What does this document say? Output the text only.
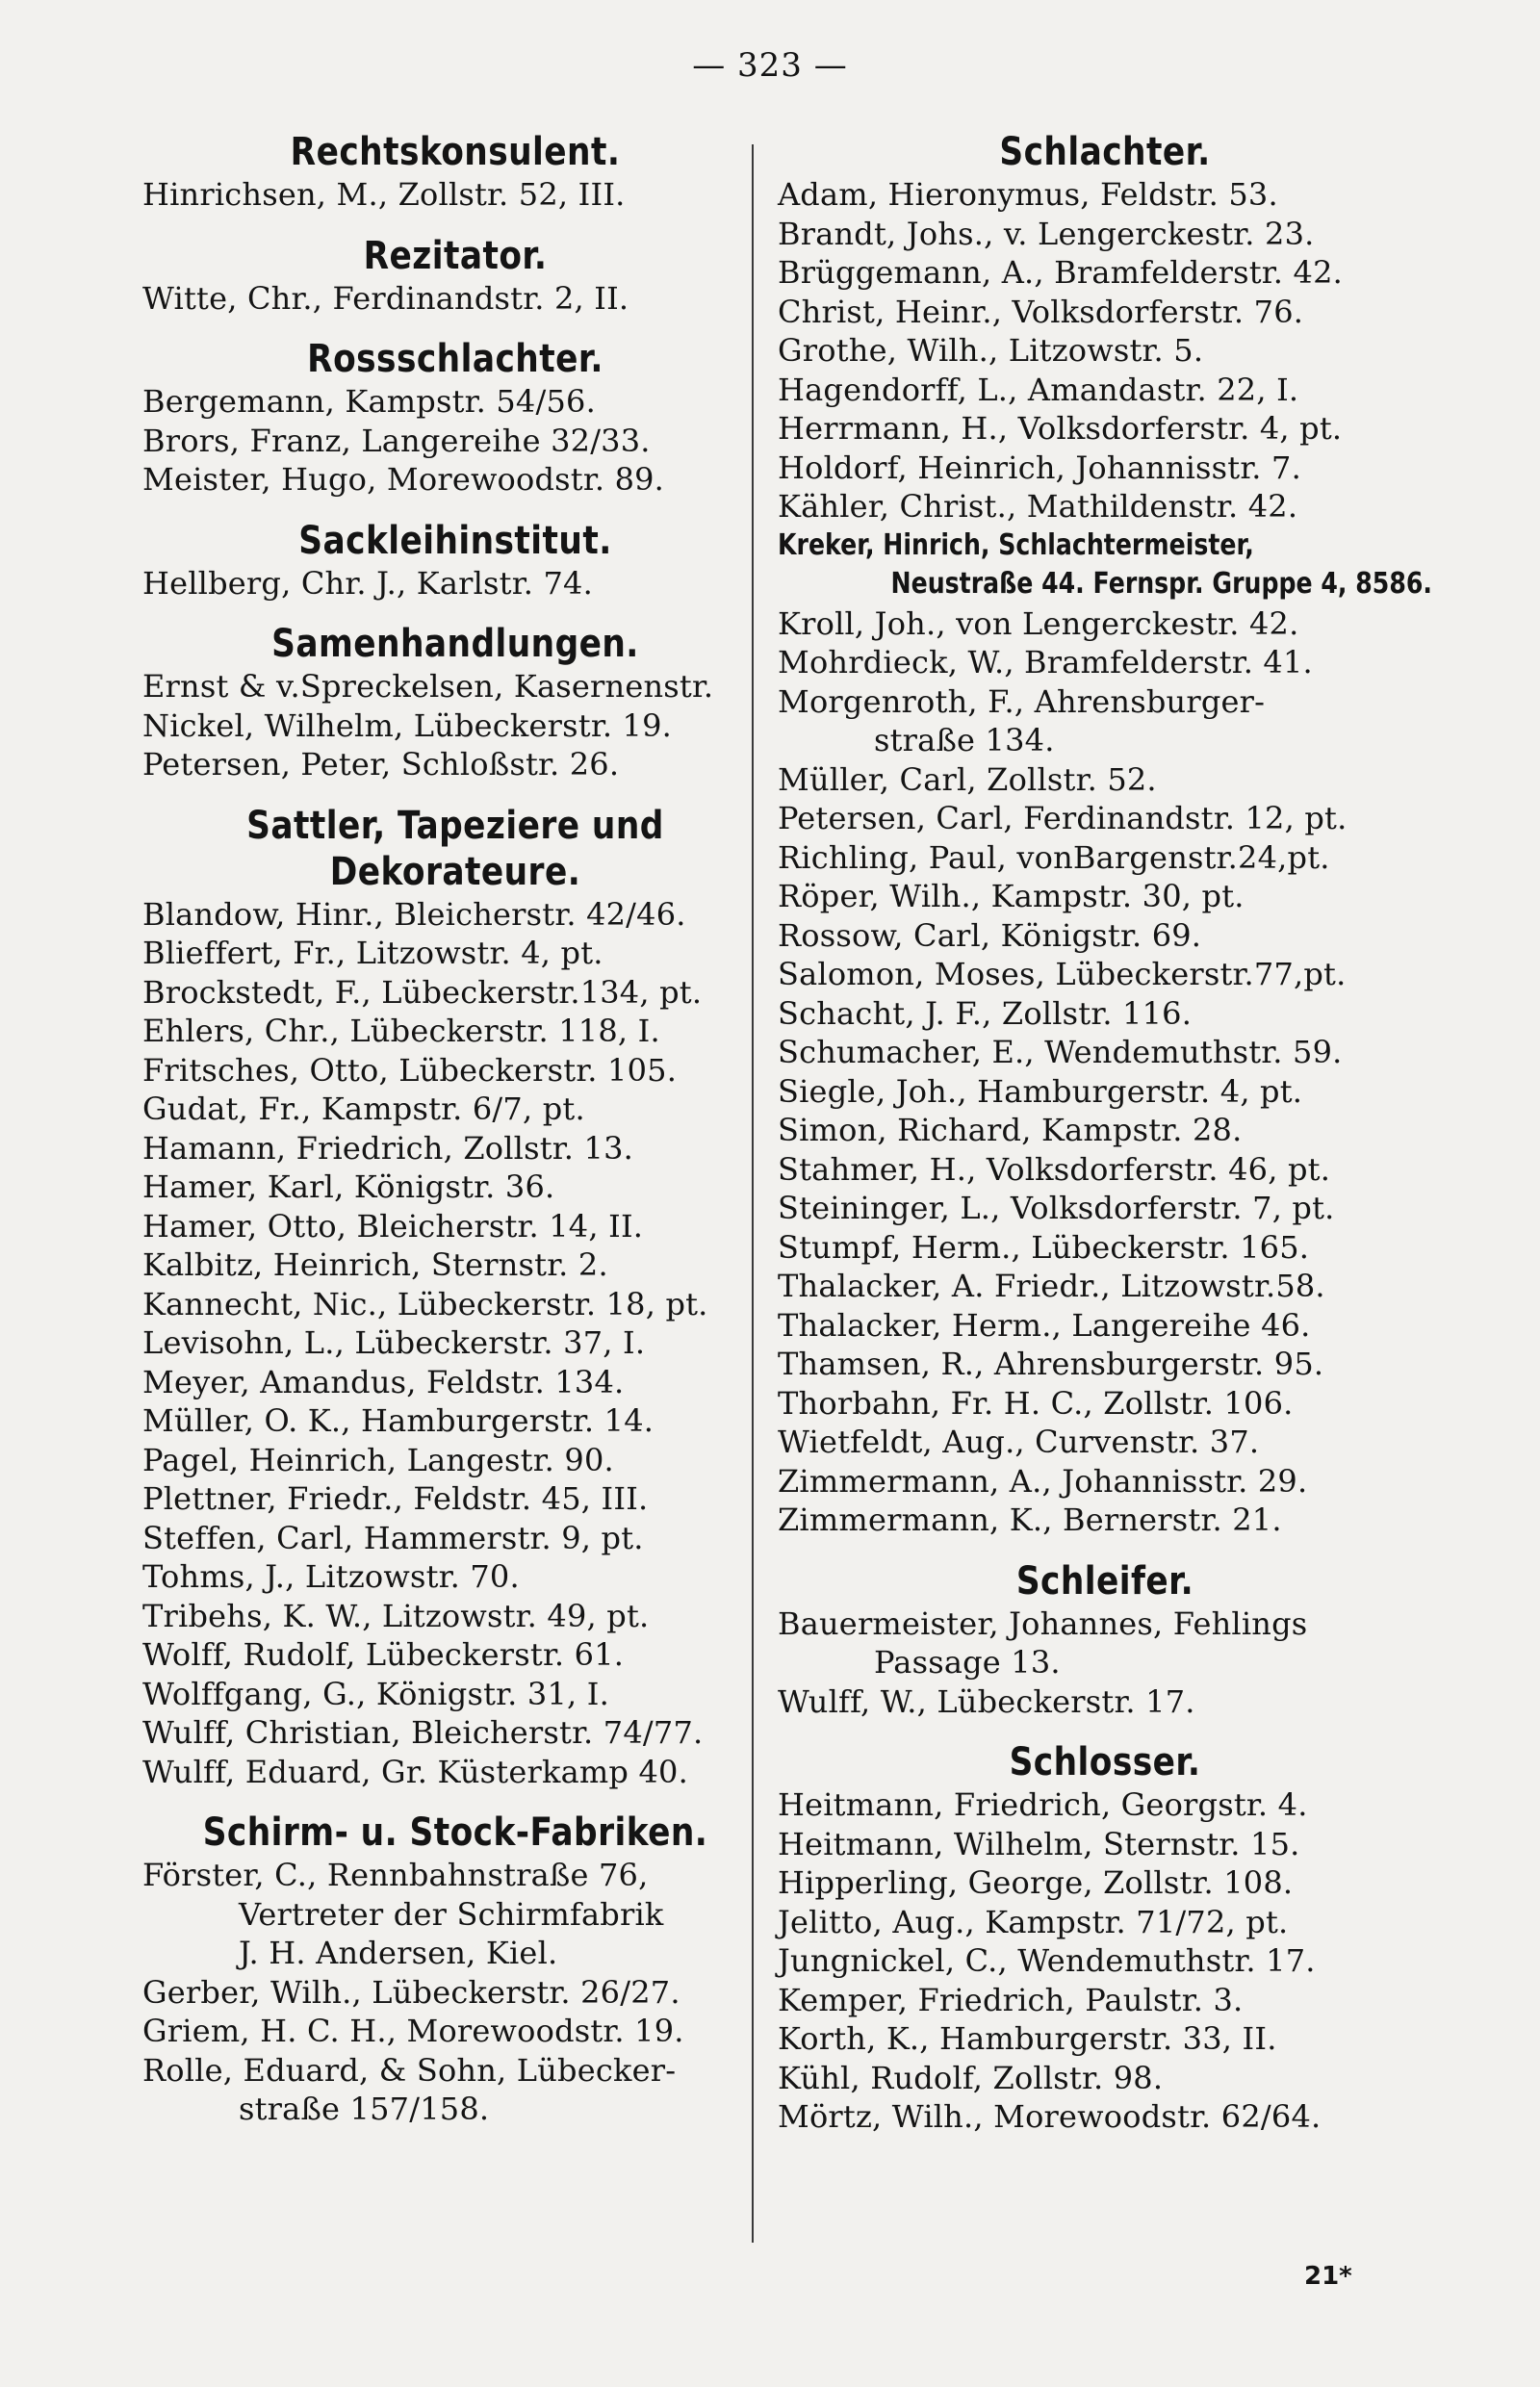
— 323 —
Rechtskonsulent.
Hinrichsen, M., Zollstr. 52, III.
Rezitator.
Witte, Chr., Ferdinandstr. 2, II.
Rossschlachter.
Bergemann, Kampstr. 54/56.
Brors, Franz, Langereihe 32/33.
Meister, Hugo, Morewoodstr. 89.
Sackleihinstitut.
Hellberg, Chr. J., Karlstr. 74.
Samenhandlungen.
Ernst & v.Spreckelsen, Kasernenstr.
Nickel, Wilhelm, Lübeckerstr. 19.
Petersen, Peter, Schloßstr. 26.
Sattler, Tapeziere und
Dekorateure.
Blandow, Hinr., Bleicherstr. 42/46.
Blieffert, Fr., Litzowstr. 4, pt.
Brockstedt, F., Lübeckerstr.134, pt.
Ehlers, Chr., Lübeckerstr. 118, I.
Fritsches, Otto, Lübeckerstr. 105.
Gudat, Fr., Kampstr. 6/7, pt.
Hamann, Friedrich, Zollstr. 13.
Hamer, Karl, Königstr. 36.
Hamer, Otto, Bleicherstr. 14, II.
Kalbitz, Heinrich, Sternstr. 2.
Kannecht, Nic., Lübeckerstr. 18, pt.
Levisohn, L., Lübeckerstr. 37, I.
Meyer, Amandus, Feldstr. 134.
Müller, O. K., Hamburgerstr. 14.
Pagel, Heinrich, Langestr. 90.
Plettner, Friedr., Feldstr. 45, III.
Steffen, Carl, Hammerstr. 9, pt.
Tohms, J., Litzowstr. 70.
Tribehs, K. W., Litzowstr. 49, pt.
Wolff, Rudolf, Lübeckerstr. 61.
Wolffgang, G., Königstr. 31, I.
Wulff, Christian, Bleicherstr. 74/77.
Wulff, Eduard, Gr. Küsterkamp 40.
Schirm- u. Stock-Fabriken.
Förster, C., Rennbahnstraße 76,
Vertreter der Schirmfabrik
J. H. Andersen, Kiel.
Gerber, Wilh., Lübeckerstr. 26/27.
Griem, H. C. H., Morewoodstr. 19.
Rolle, Eduard, & Sohn, Lübecker-
straße 157/158.
Schlachter.
Adam, Hieronymus, Feldstr. 53.
Brandt, Johs., v. Lengerckestr. 23.
Brüggemann, A., Bramfelderstr. 42.
Christ, Heinr., Volksdorferstr. 76.
Grothe, Wilh., Litzowstr. 5.
Hagendorff, L., Amandastr. 22, I.
Herrmann, H., Volksdorferstr. 4, pt.
Holdorf, Heinrich, Johannisstr. 7.
Kähler, Christ., Mathildenstr. 42.
Kreker, Hinrich, Schlachtermeister,
Neustraße 44. Fernspr. Gruppe 4, 8586.
Kroll, Joh., von Lengerckestr. 42.
Mohrdieck, W., Bramfelderstr. 41.
Morgenroth, F., Ahrensburger-
straße 134.
Müller, Carl, Zollstr. 52.
Petersen, Carl, Ferdinandstr. 12, pt.
Richling, Paul, vonBargenstr.24,pt.
Röper, Wilh., Kampstr. 30, pt.
Rossow, Carl, Königstr. 69.
Salomon, Moses, Lübeckerstr.77,pt.
Schacht, J. F., Zollstr. 116.
Schumacher, E., Wendemuthstr. 59.
Siegle, Joh., Hamburgerstr. 4, pt.
Simon, Richard, Kampstr. 28.
Stahmer, H., Volksdorferstr. 46, pt.
Steininger, L., Volksdorferstr. 7, pt.
Stumpf, Herm., Lübeckerstr. 165.
Thalacker, A. Friedr., Litzowstr.58.
Thalacker, Herm., Langereihe 46.
Thamsen, R., Ahrensburgerstr. 95.
Thorbahn, Fr. H. C., Zollstr. 106.
Wietfeldt, Aug., Curvenstr. 37.
Zimmermann, A., Johannisstr. 29.
Zimmermann, K., Bernerstr. 21.
Schleifer.
Bauermeister, Johannes, Fehlings
Passage 13.
Wulff, W., Lübeckerstr. 17.
Schlosser.
Heitmann, Friedrich, Georgstr. 4.
Heitmann, Wilhelm, Sternstr. 15.
Hipperling, George, Zollstr. 108.
Jelitto, Aug., Kampstr. 71/72, pt.
Jungnickel, C., Wendemuthstr. 17.
Kemper, Friedrich, Paulstr. 3.
Korth, K., Hamburgerstr. 33, II.
Kühl, Rudolf, Zollstr. 98.
Mörtz, Wilh., Morewoodstr. 62/64.
21*
